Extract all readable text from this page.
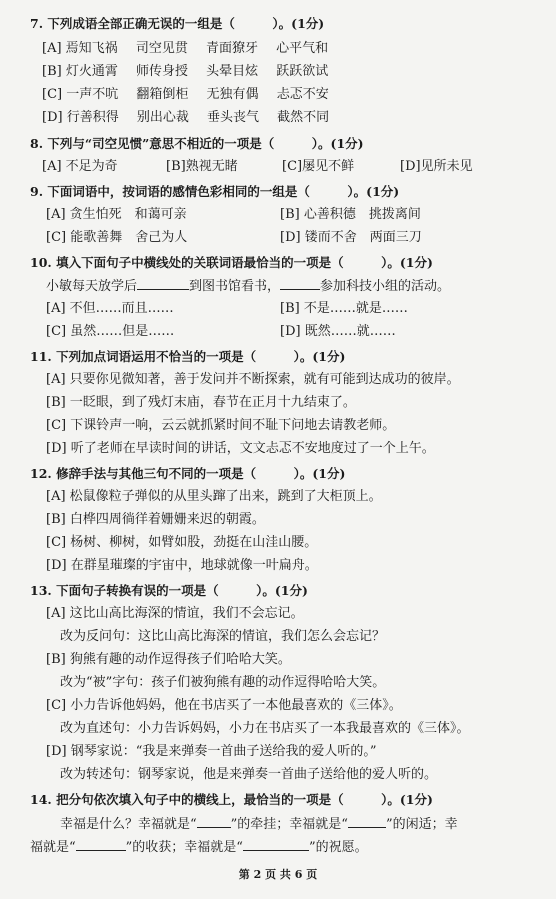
7. 下列成语全部正确无误的一组是（　　　）。(1分)
[A] 焉知飞祸 司空见贯 青面獠牙 心平气和
[B] 灯火通霄 师传身授 头晕目炫 跃跃欲试
[C] 一声不吭 翻箱倒柜 无独有偶 忐忑不安
[D] 行善积得 别出心裁 垂头丧气 截然不同
8. 下列与“司空见惯”意思不相近的一项是（　　　）。(1分)
[A] 不足为奇	[B]熟视无睹	[C]屡见不鲜	[D]见所未见
9. 下面词语中，按词语的感情色彩相同的一组是（　　　）。(1分)
[A] 贪生怕死　和蔼可亲	[B] 心善积德　挑拨离间
[C] 能歌善舞　舍己为人	[D] 镂而不舍　两面三刀
10. 填入下面句子中横线处的关联词语最恰当的一项是（　　　）。(1分)
小敏每天放学后	到图书馆看书，	参加科技小组的活动。
[A] 不但……而且……	[B] 不是……就是……
[C] 虽然……但是……	[D] 既然……就……
11. 下列加点词语运用不恰当的一项是（　　　）。(1分)
[A] 只要你见微知著，善于发问并不断探索，就有可能到达成功的彼岸。
[B] 一眨眼，到了残灯末庙，春节在正月十九结束了。
[C] 下课铃声一响，云云就抓紧时间不耻下问地去请教老师。
[D] 听了老师在早读时间的讲话，文文忐忑不安地度过了一个上午。
12. 修辞手法与其他三句不同的一项是（　　　）。(1分)
[A] 松鼠像粒子弹似的从里头蹿了出来，跳到了大柜顶上。
[B] 白桦四周徜徉着姗姗来迟的朝霞。
[C] 杨树、柳树，如臂如股，劲挺在山洼山腰。
[D] 在群星璀璨的宇宙中，地球就像一叶扁舟。
13. 下面句子转换有误的一项是（　　　）。(1分)
[A] 这比山高比海深的情谊，我们不会忘记。
改为反问句：这比山高比海深的情谊，我们怎么会忘记？
[B] 狗熊有趣的动作逗得孩子们哈哈大笑。
改为“被”字句：孩子们被狗熊有趣的动作逗得哈哈大笑。
[C] 小力告诉他妈妈，他在书店买了一本他最喜欢的《三体》。
改为直述句：小力告诉妈妈，小力在书店买了一本我最喜欢的《三体》。
[D] 钢琴家说：“我是来弹奏一首曲子送给我的爱人听的。”
改为转述句：钢琴家说，他是来弹奏一首曲子送给他的爱人听的。
14. 把分句依次填入句子中的横线上，最恰当的一项是（　　　）。(1分)
幸福是什么？幸福就是“	”的牵挂；幸福就是“	”的闲适；幸
福就是“	”的收获；幸福就是“	”的祝愿。
第 2 页 共 6 页
